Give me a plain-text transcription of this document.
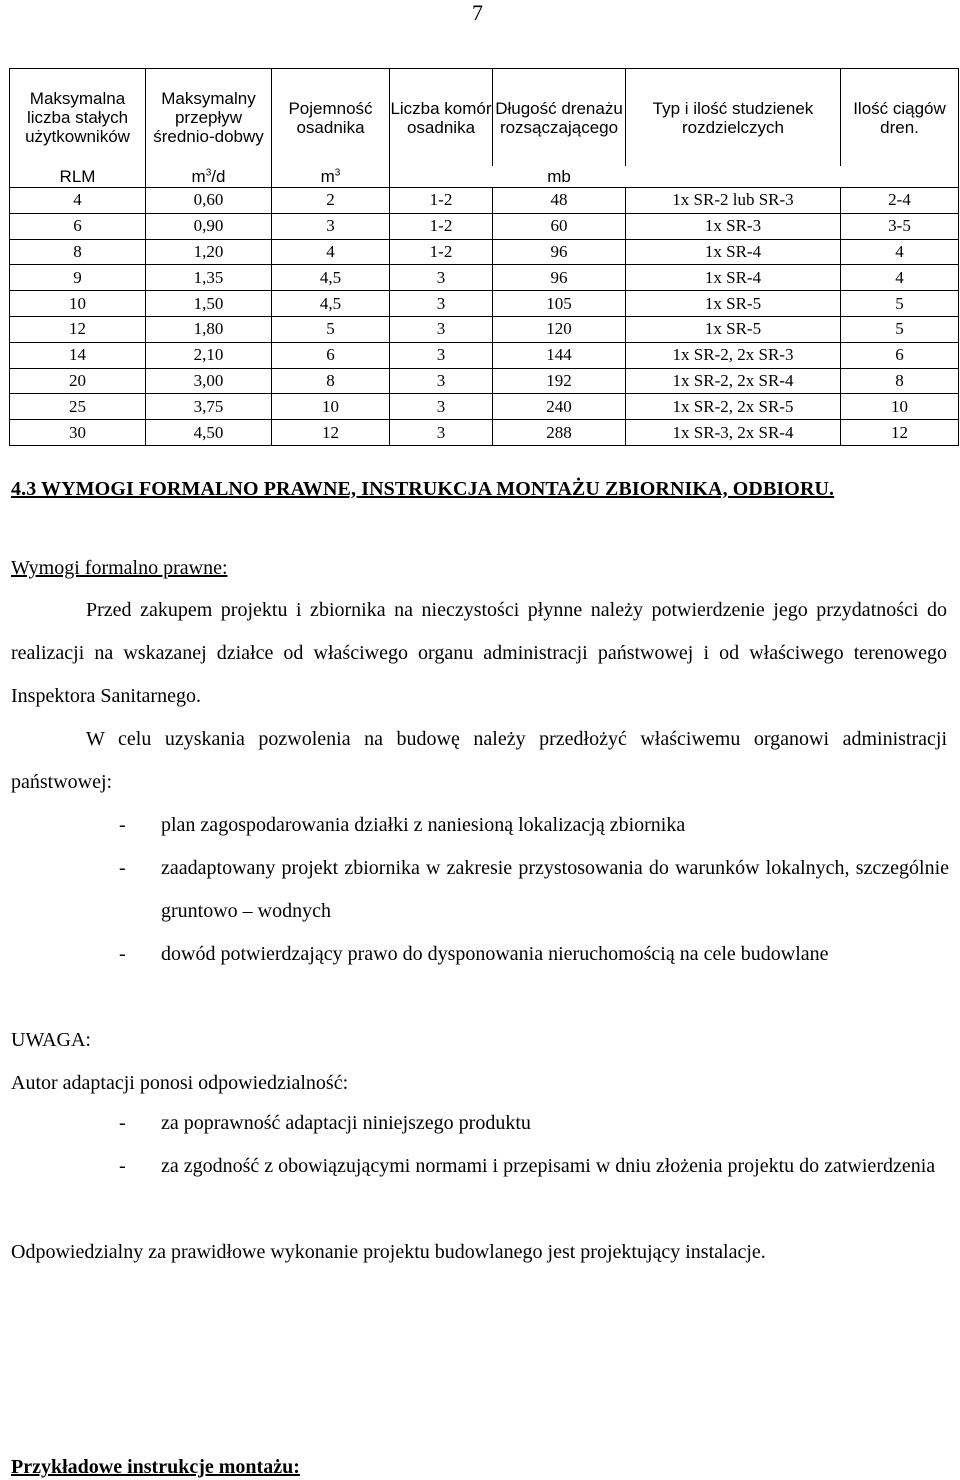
7
Maksymalna liczba stałych użytkowników	Maksymalny przepływ średnio-dobwy	Pojemność osadnika	Liczba komór osadnika	Długość drenażu rozsączającego	Typ i ilość studzienek rozdzielczych	Ilość ciągów dren.
RLM	$m^3/d$	$m^3$		mb		
4	0,60	2	1-2	48	1x SR-2 lub SR-3	2-4
6	0,90	3	1-2	60	1x SR-3	3-5
8	1,20	4	1-2	96	1x SR-4	4
9	1,35	4,5	3	96	1x SR-4	4
10	1,50	4,5	3	105	1x SR-5	5
12	1,80	5	3	120	1x SR-5	5
14	2,10	6	3	144	1x SR-2, 2x SR-3	6
20	3,00	8	3	192	1x SR-2, 2x SR-4	8
25	3,75	10	3	240	1x SR-2, 2x SR-5	10
30	4,50	12	3	288	1x SR-3, 2x SR-4	12
4.3 WYMOGI FORMALNO PRAWNE, INSTRUKCJA MONTAŻU ZBIORNIKA, ODBIORU.
Wymogi formalno prawne:
Przed zakupem projektu i zbiornika na nieczystości płynne należy potwierdzenie jego przydatności do realizacji na wskazanej działce od właściwego organu administracji państwowej i od właściwego terenowego Inspektora Sanitarnego.
W celu uzyskania pozwolenia na budowę należy przedłożyć właściwemu organowi administracji państwowej:
- plan zagospodarowania działki z naniesioną lokalizacją zbiornika
- zaadaptowany projekt zbiornika w zakresie przystosowania do warunków lokalnych, szczególnie gruntowo – wodnych
- dowód potwierdzający prawo do dysponowania nieruchomością na cele budowlane
UWAGA:
Autor adaptacji ponosi odpowiedzialność:
- za poprawność adaptacji niniejszego produktu
- za zgodność z obowiązującymi normami i przepisami w dniu złożenia projektu do zatwierdzenia
Odpowiedzialny za prawidłowe wykonanie projektu budowlanego jest projektujący instalacje.
Przykładowe instrukcje montażu:
